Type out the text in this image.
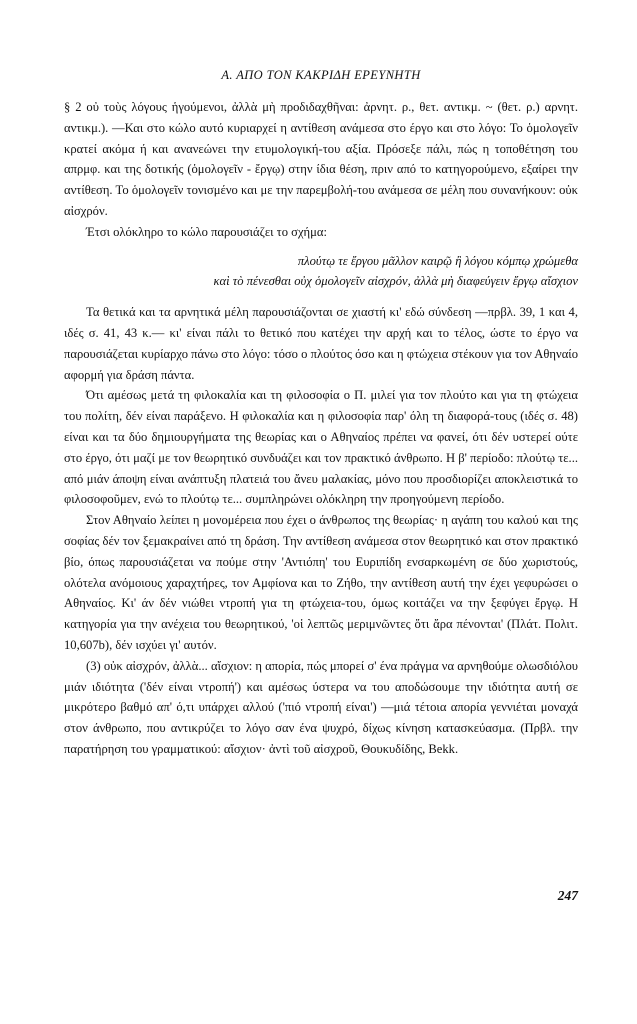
Α. ΑΠΟ ΤΟΝ ΚΑΚΡΙΔΗ ΕΡΕΥΝΗΤΗ

§ 2 οὐ τοὺς λόγους ἡγούμενοι, ἀλλὰ μὴ προδιδαχθῆναι: ἀρνητ. ρ., θετ. αντικμ. ~ (θετ. ρ.) αρνητ. αντικμ.). —Και στο κώλο αυτό κυριαρχεί η αντίθεση ανάμεσα στο έργο και στο λόγο: Το ὁμολογεῖν κρατεί ακόμα ή και ανανεώνει την ετυμολογική-του αξία. Πρόσεξε πάλι, πώς η τοποθέτηση του απρμφ. και της δοτικής (ὁμολογεῖν - ἔργῳ) στην ίδια θέση, πριν από το κατηγορούμενο, εξαίρει την αντίθεση. Το ὁμολογεῖν τονισμένο και με την παρεμβολή-του ανάμεσα σε μέλη που συνανήκουν: οὐκ αἰσχρόν.

Έτσι ολόκληρο το κώλο παρουσιάζει το σχήμα:

πλούτῳ τε ἔργου μᾶλλον καιρῷ ἢ λόγου κόμπῳ χρώμεθα
καὶ τὸ πένεσθαι οὐχ ὁμολογεῖν αἰσχρόν, ἀλλὰ μὴ διαφεύγειν ἔργῳ αἴσχιον

Τα θετικά και τα αρνητικά μέλη παρουσιάζονται σε χιαστή κι' εδώ σύνδεση —πρβλ. 39, 1 και 4, ιδές σ. 41, 43 κ.— κι' είναι πάλι το θετικό που κατέχει την αρχή και το τέλος, ώστε το έργο να παρουσιάζεται κυρίαρχο πάνω στο λόγο: τόσο ο πλούτος όσο και η φτώχεια στέκουν για τον Αθηναίο αφορμή για δράση πάντα.

Ότι αμέσως μετά τη φιλοκαλία και τη φιλοσοφία ο Π. μιλεί για τον πλούτο και για τη φτώχεια του πολίτη, δέν είναι παράξενο. Η φιλοκαλία και η φιλοσοφία παρ' όλη τη διαφορά-τους (ιδές σ. 48) είναι και τα δύο δημιουργήματα της θεωρίας και ο Αθηναίος πρέπει να φανεί, ότι δέν υστερεί ούτε στο έργο, ότι μαζί με τον θεωρητικό συνδυάζει και τον πρακτικό άνθρωπο. Η β' περίοδο: πλούτῳ τε... από μιάν άποψη είναι ανάπτυξη πλατειά του ἄνευ μαλακίας, μόνο που προσδιορίζει αποκλειστικά το φιλοσοφοῦμεν, ενώ το πλούτῳ τε... συμπληρώνει ολόκληρη την προηγούμενη περίοδο.

Στον Αθηναίο λείπει η μονομέρεια που έχει ο άνθρωπος της θεωρίας· η αγάπη του καλού και της σοφίας δέν τον ξεμακραίνει από τη δράση. Την αντίθεση ανάμεσα στον θεωρητικό και στον πρακτικό βίο, όπως παρουσιάζεται να πούμε στην 'Αντιόπη' του Ευριπίδη ενσαρκωμένη σε δύο χωριστούς, ολότελα ανόμοιους χαραχτήρες, τον Αμφίονα και το Ζήθο, την αντίθεση αυτή την έχει γεφυρώσει ο Αθηναίος. Κι' άν δέν νιώθει ντροπή για τη φτώχεια-του, όμως κοιτάζει να την ξεφύγει ἔργῳ. Η κατηγορία για την ανέχεια του θεωρητικού, 'οἱ λεπτῶς μεριμνῶντες ὅτι ἄρα πένονται' (Πλάτ. Πολιτ. 10,607b), δέν ισχύει γι' αυτόν.

(3) οὐκ αἰσχρόν, ἀλλὰ... αἴσχιον: η απορία, πώς μπορεί σ' ένα πράγμα να αρνηθούμε ολωσδιόλου μιάν ιδιότητα ('δέν είναι ντροπή') και αμέσως ύστερα να του αποδώσουμε την ιδιότητα αυτή σε μικρότερο βαθμό απ' ό,τι υπάρχει αλλού ('πιό ντροπή είναι') —μιά τέτοια απορία γεννιέται μοναχά στον άνθρωπο, που αντικρύζει το λόγο σαν ένα ψυχρό, δίχως κίνηση κατασκεύασμα. (Πρβλ. την παρατήρηση του γραμματικού: αἴσχιον· ἀντὶ τοῦ αἰσχροῦ, Θουκυδίδης, Bekk.

247
